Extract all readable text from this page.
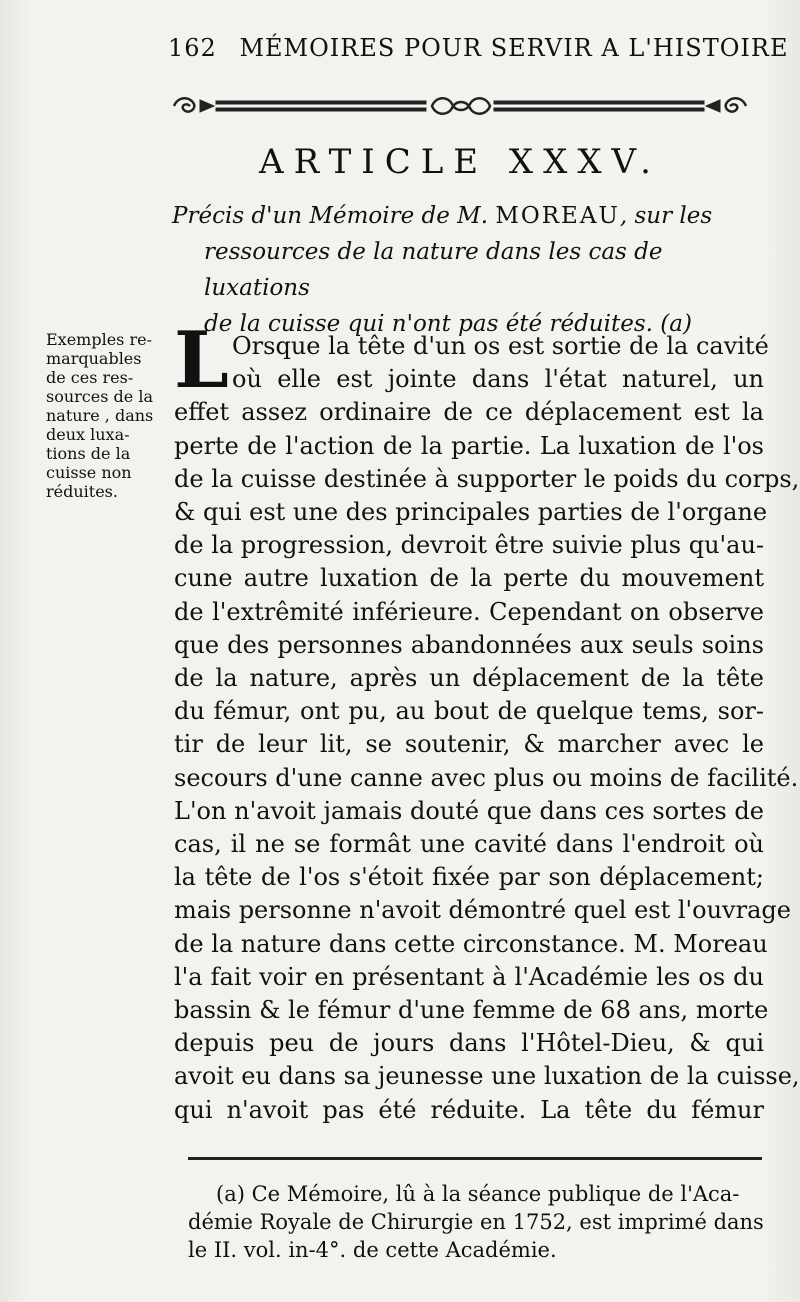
162 MÉMOIRES POUR SERVIR A L'HISTOIRE
ARTICLE XXXV.
Précis d'un Mémoire de M. MOREAU, sur les
ressources de la nature dans les cas de luxations
de la cuisse qui n'ont pas été réduites. (a)
Exemples re-
marquables
de ces res-
sources de la
nature , dans
deux luxa-
tions de la
cuisse non
réduites.
L Orsque la tête d'un os est sortie de la cavité
où elle est jointe dans l'état naturel, un
effet assez ordinaire de ce déplacement est la
perte de l'action de la partie. La luxation de l'os
de la cuisse destinée à supporter le poids du corps,
& qui est une des principales parties de l'organe
de la progression, devroit être suivie plus qu'au-
cune autre luxation de la perte du mouvement
de l'extrêmité inférieure. Cependant on observe
que des personnes abandonnées aux seuls soins
de la nature, après un déplacement de la tête
du fémur, ont pu, au bout de quelque tems, sor-
tir de leur lit, se soutenir, & marcher avec le
secours d'une canne avec plus ou moins de facilité.
L'on n'avoit jamais douté que dans ces sortes de
cas, il ne se formât une cavité dans l'endroit où
la tête de l'os s'étoit fixée par son déplacement;
mais personne n'avoit démontré quel est l'ouvrage
de la nature dans cette circonstance. M. Moreau
l'a fait voir en présentant à l'Académie les os du
bassin & le fémur d'une femme de 68 ans, morte
depuis peu de jours dans l'Hôtel-Dieu, & qui
avoit eu dans sa jeunesse une luxation de la cuisse,
qui n'avoit pas été réduite. La tête du fémur
(a) Ce Mémoire, lû à la séance publique de l'Aca-
démie Royale de Chirurgie en 1752, est imprimé dans
le II. vol. in-4°. de cette Académie.
